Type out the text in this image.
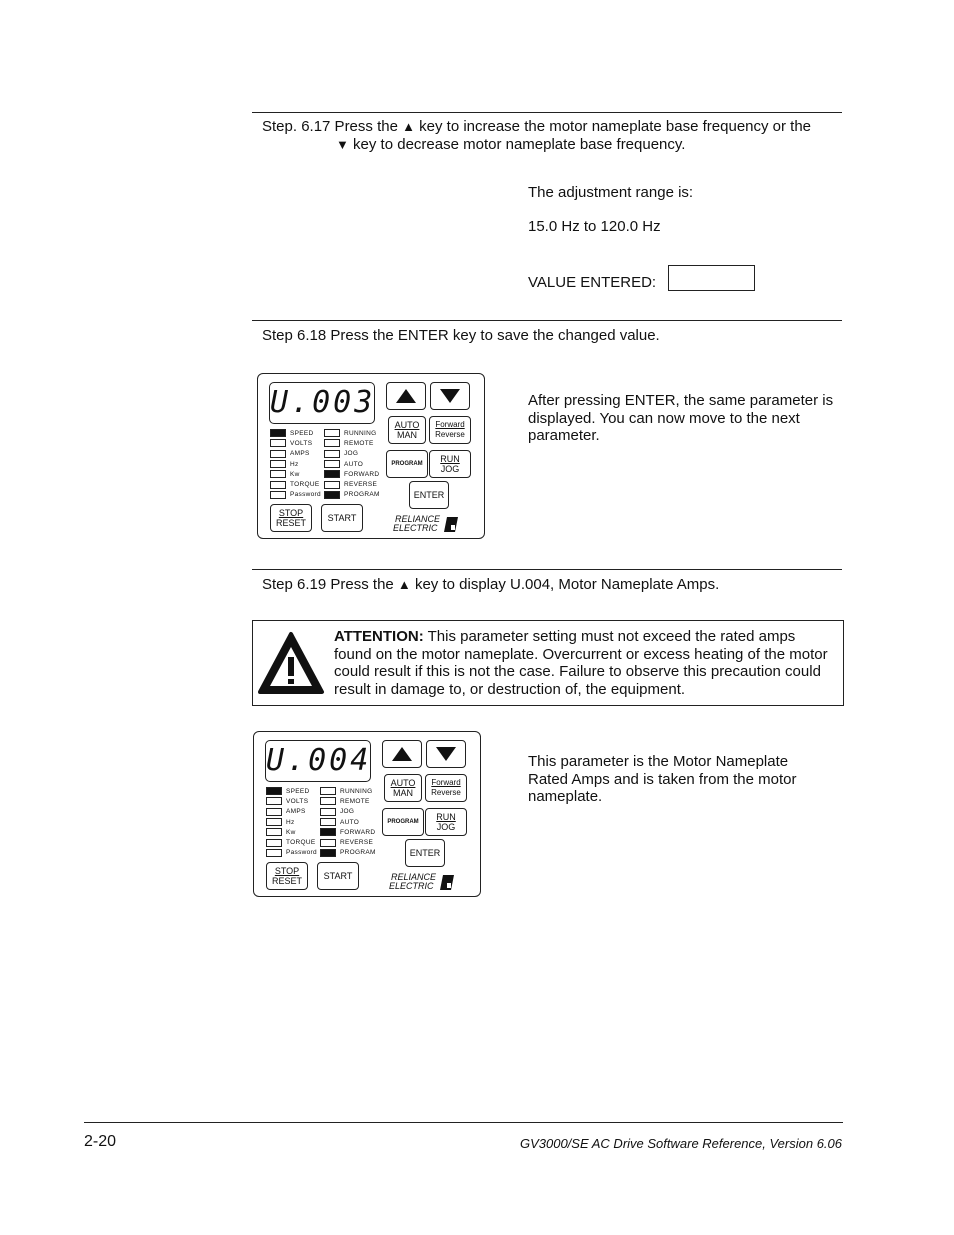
Step. 6.17 Press the ▲ key to increase the motor nameplate base frequency or the
▼ key to decrease motor nameplate base frequency.
The adjustment range is:
15.0 Hz to 120.0 Hz
VALUE ENTERED:
Step 6.18 Press the ENTER key to save the changed value.
U.003
SPEED
VOLTS
AMPS
Hz
Kw
TORQUE
Password
RUNNING
REMOTE
JOG
AUTO
FORWARD
REVERSE
PROGRAM
AUTO
MAN
Forward
Reverse
PROGRAM	RUN
JOG
ENTER
STOP
RESET	START	RELIANCE
ELECTRIC
After pressing ENTER, the same parameter is displayed. You can now move to the next parameter.
Step 6.19 Press the ▲ key to display U.004, Motor Nameplate Amps.
ATTENTION: This parameter setting must not exceed the rated amps found on the motor nameplate. Overcurrent or excess heating of the motor could result if this is not the case. Failure to observe this precaution could result in damage to, or destruction of, the equipment.
U.004
SPEED
VOLTS
AMPS
Hz
Kw
TORQUE
Password
RUNNING
REMOTE
JOG
AUTO
FORWARD
REVERSE
PROGRAM
AUTO
MAN
Forward
Reverse
PROGRAM	RUN
JOG
ENTER
STOP
RESET	START	RELIANCE
ELECTRIC
This parameter is the Motor Nameplate Rated Amps and is taken from the motor nameplate.
2-20	GV3000/SE AC Drive Software Reference, Version 6.06
